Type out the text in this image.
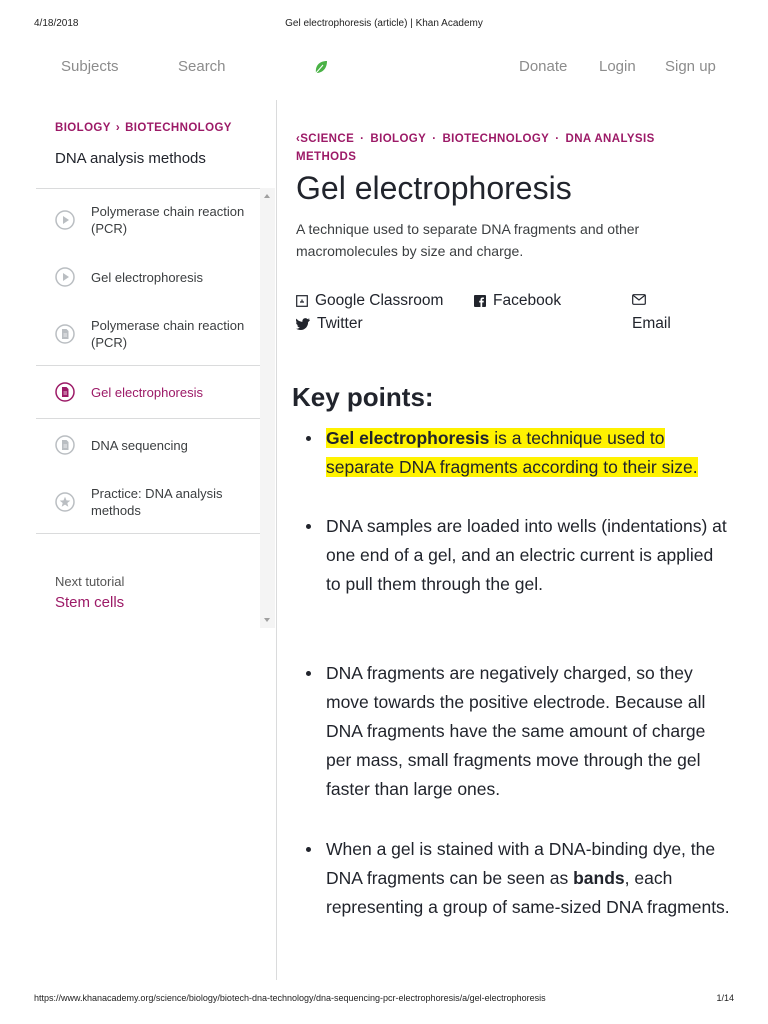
4/18/2018	Gel electrophoresis (article) | Khan Academy
Subjects	Search	Donate Login Sign up
BIOLOGY › BIOTECHNOLOGY
DNA analysis methods
Polymerase chain reaction (PCR)
Gel electrophoresis
Polymerase chain reaction (PCR)
Gel electrophoresis
DNA sequencing
Practice: DNA analysis methods
Next tutorial
Stem cells
‹SCIENCE · BIOLOGY · BIOTECHNOLOGY · DNA ANALYSIS METHODS
Gel electrophoresis

A technique used to separate DNA fragments and other macromolecules by size and charge.

Google Classroom	Facebook
Twitter	Email
Key points:
Gel electrophoresis is a technique used to separate DNA fragments according to their size.
DNA samples are loaded into wells (indentations) at one end of a gel, and an electric current is applied to pull them through the gel.
DNA fragments are negatively charged, so they move towards the positive electrode. Because all DNA fragments have the same amount of charge per mass, small fragments move through the gel faster than large ones.
When a gel is stained with a DNA-binding dye, the DNA fragments can be seen as bands, each representing a group of same-sized DNA fragments.
https://www.khanacademy.org/science/biology/biotech-dna-technology/dna-sequencing-pcr-electrophoresis/a/gel-electrophoresis	1/14
